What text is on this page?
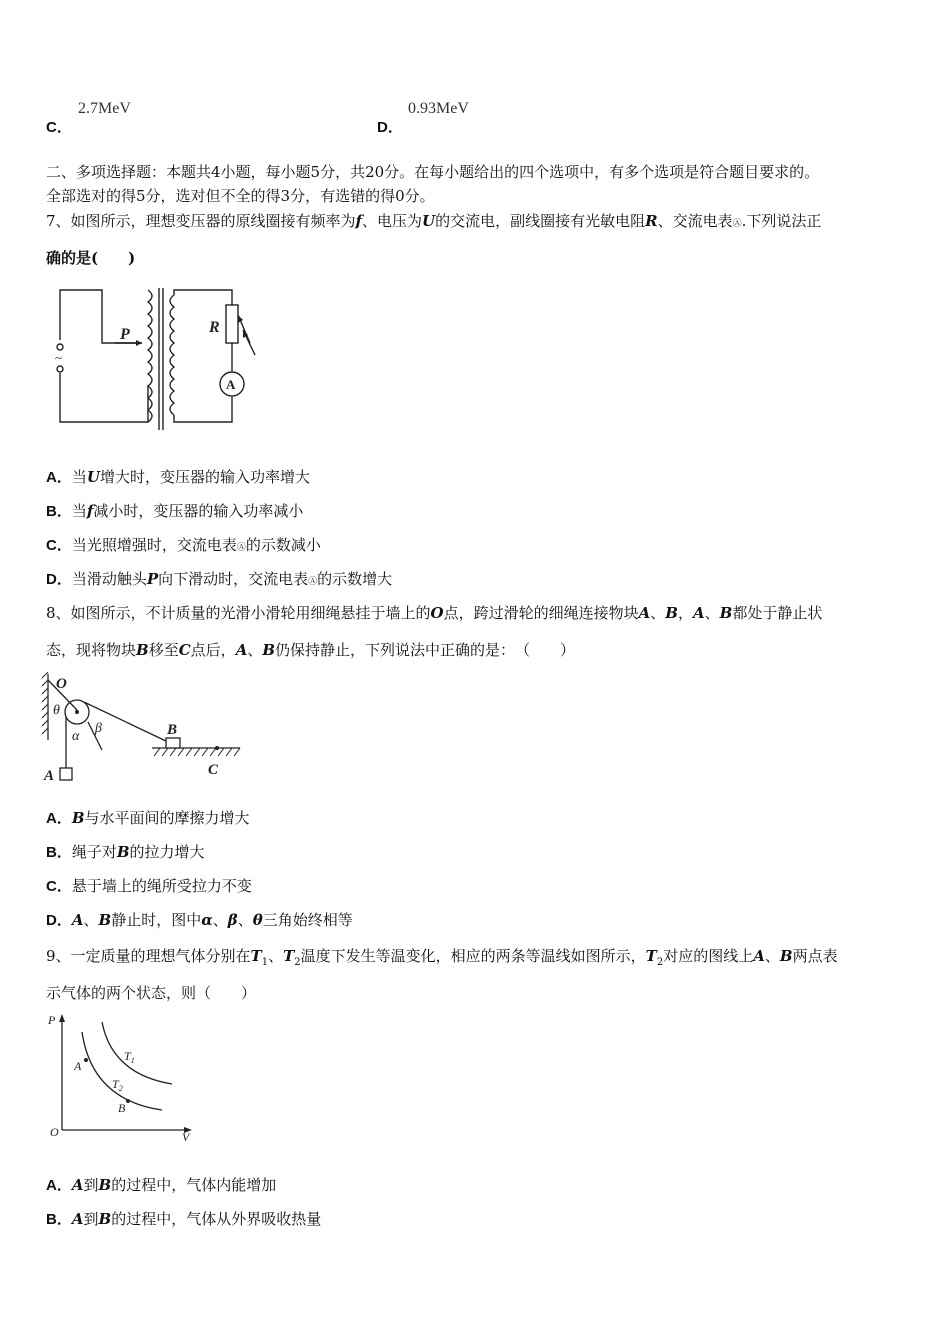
C．
2.7MeV
D．
0.93MeV
二、多项选择题：本题共4小题，每小题5分，共20分。在每小题给出的四个选项中，有多个选项是符合题目要求的。
全部选对的得5分，选对但不全的得3分，有选错的得0分。
7、如图所示，理想变压器的原线圈接有频率为f、电压为U的交流电，副线圈接有光敏电阻R、交流电表Ⓐ.下列说法正
确的是(　　)
~
P	R
A
A．当U增大时，变压器的输入功率增大
B．当f减小时，变压器的输入功率减小
C．当光照增强时，交流电表Ⓐ的示数减小
D．当滑动触头P向下滑动时，交流电表Ⓐ的示数增大
8、如图所示，不计质量的光滑小滑轮用细绳悬挂于墙上的O点，跨过滑轮的细绳连接物块A、B，A、B都处于静止状
态，现将物块B移至C点后，A、B仍保持静止，下列说法中正确的是：　（　　）
O
θ
A
α
β	B
C
A．B与水平面间的摩擦力增大
B．绳子对B的拉力增大
C．悬于墙上的绳所受拉力不变
D．A、B静止时，图中α、β、θ三角始终相等
9、一定质量的理想气体分别在$T_1$、$T_2$温度下发生等温变化，相应的两条等温线如图所示，$T_2$对应的图线上A、B两点表
示气体的两个状态，则（　　）
P
V
O
$T_1$
$T_2$
A
B
A．A到B的过程中，气体内能增加
B．A到B的过程中，气体从外界吸收热量
